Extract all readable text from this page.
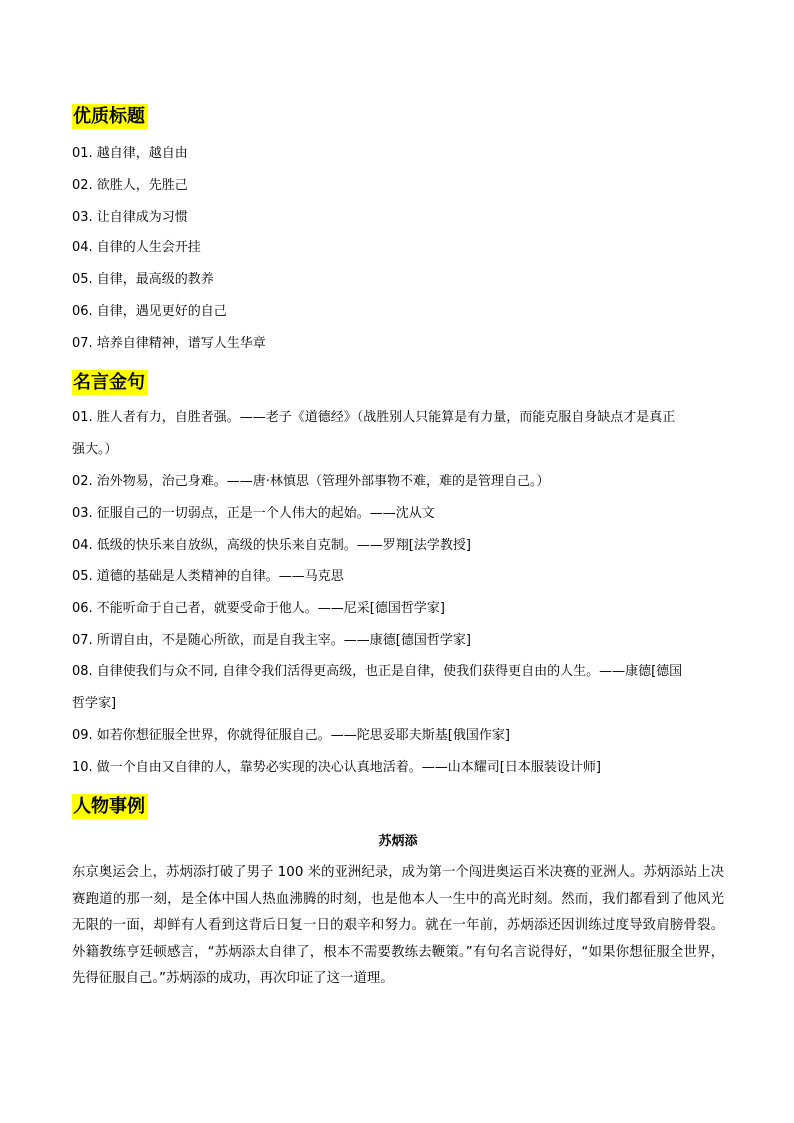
优质标题
01. 越自律，越自由
02. 欲胜人，先胜己
03. 让自律成为习惯
04. 自律的人生会开挂
05. 自律，最高级的教养
06. 自律，遇见更好的自己
07. 培养自律精神，谱写人生华章
名言金句
01. 胜人者有力，自胜者强。——老子《道德经》（战胜别人只能算是有力量，而能克服自身缺点才是真正
强大。）
02. 治外物易，治己身难。——唐·林慎思（管理外部事物不难，难的是管理自己。）
03. 征服自己的一切弱点，正是一个人伟大的起始。——沈从文
04. 低级的快乐来自放纵，高级的快乐来自克制。——罗翔[法学教授]
05. 道德的基础是人类精神的自律。——马克思
06. 不能听命于自己者，就要受命于他人。——尼采[德国哲学家]
07. 所谓自由，不是随心所欲，而是自我主宰。——康德[德国哲学家]
08. 自律使我们与众不同, 自律令我们活得更高级，也正是自律，使我们获得更自由的人生。——康德[德国
哲学家]
09. 如若你想征服全世界，你就得征服自己。——陀思妥耶夫斯基[俄国作家]
10. 做一个自由又自律的人，靠势必实现的决心认真地活着。——山本耀司[日本服装设计师]
人物事例
苏炳添
东京奥运会上，苏炳添打破了男子 100 米的亚洲纪录，成为第一个闯进奥运百米决赛的亚洲人。苏炳添站上决赛跑道的那一刻，是全体中国人热血沸腾的时刻，也是他本人一生中的高光时刻。然而，我们都看到了他风光无限的一面，却鲜有人看到这背后日复一日的艰辛和努力。就在一年前，苏炳添还因训练过度导致肩膀骨裂。外籍教练亨廷顿感言，“苏炳添太自律了，根本不需要教练去鞭策。”有句名言说得好，“如果你想征服全世界，先得征服自己。”苏炳添的成功，再次印证了这一道理。
